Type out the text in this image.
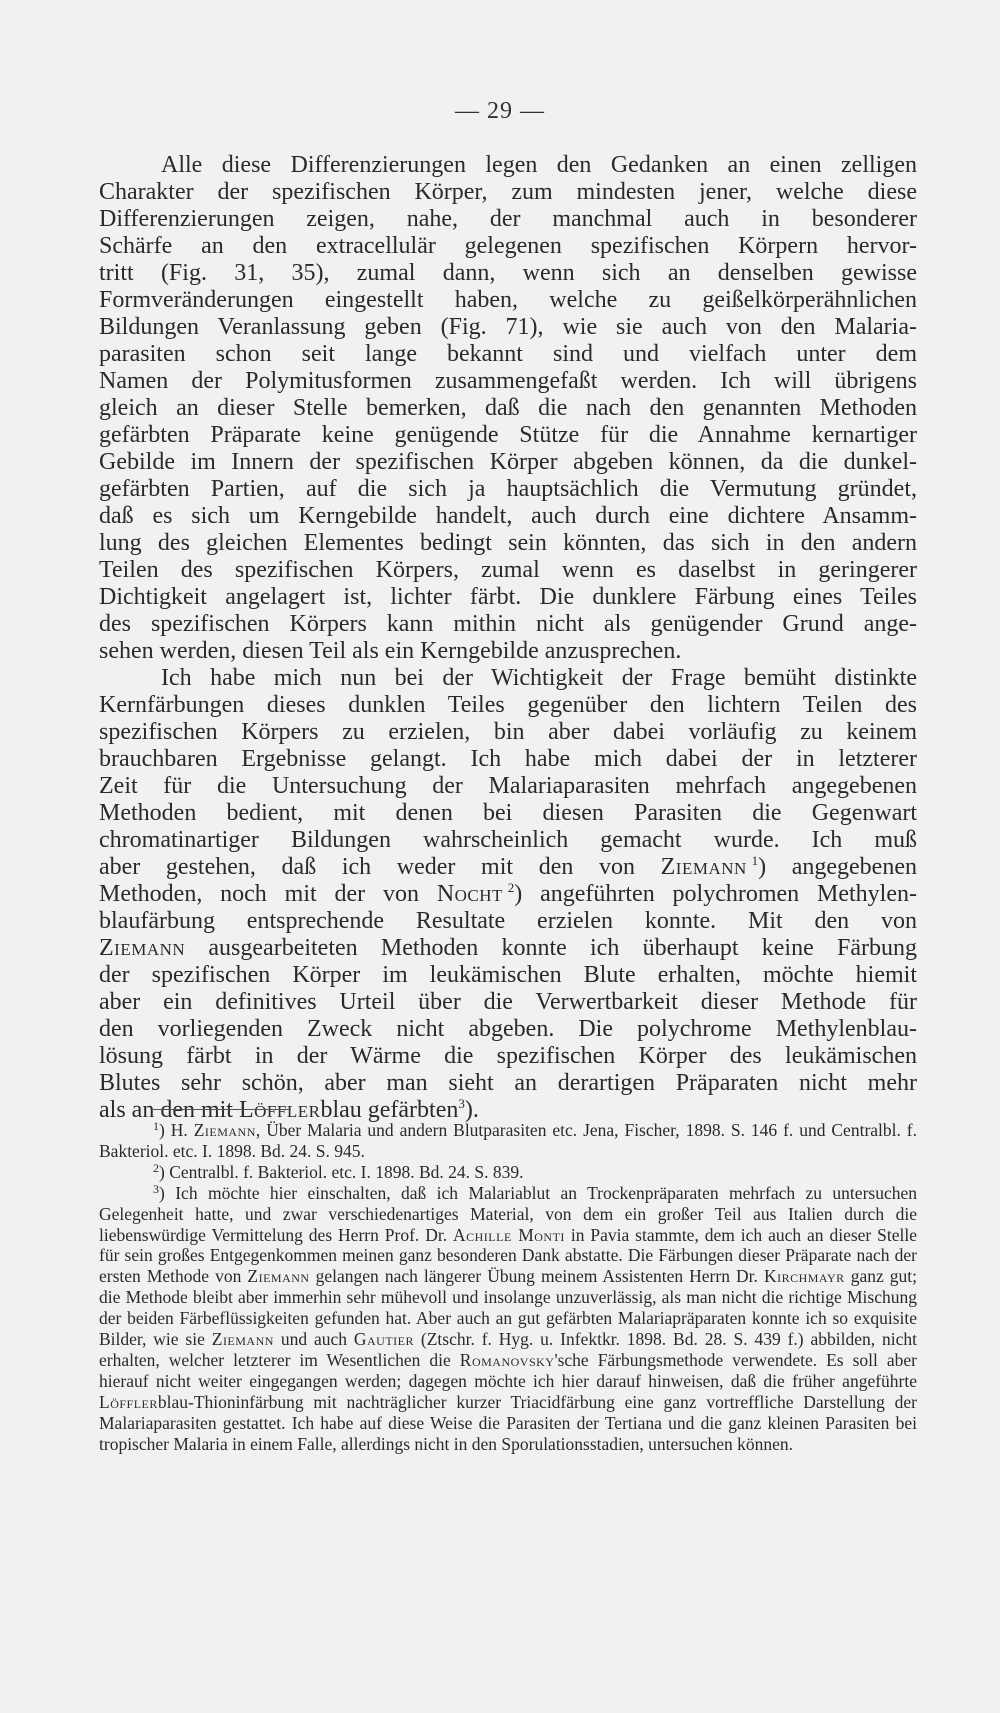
— 29 —
Alle diese Differenzierungen legen den Gedanken an einen zelligen
Charakter der spezifischen Körper, zum mindesten jener, welche diese
Differenzierungen zeigen, nahe, der manchmal auch in besonderer
Schärfe an den extracellulär gelegenen spezifischen Körpern hervor-
tritt (Fig. 31, 35), zumal dann, wenn sich an denselben gewisse
Formveränderungen eingestellt haben, welche zu geißelkörperähnlichen
Bildungen Veranlassung geben (Fig. 71), wie sie auch von den Malaria-
parasiten schon seit lange bekannt sind und vielfach unter dem
Namen der Polymitusformen zusammengefaßt werden. Ich will übrigens
gleich an dieser Stelle bemerken, daß die nach den genannten Methoden
gefärbten Präparate keine genügende Stütze für die Annahme kernartiger
Gebilde im Innern der spezifischen Körper abgeben können, da die dunkel-
gefärbten Partien, auf die sich ja hauptsächlich die Vermutung gründet,
daß es sich um Kerngebilde handelt, auch durch eine dichtere Ansamm-
lung des gleichen Elementes bedingt sein könnten, das sich in den andern
Teilen des spezifischen Körpers, zumal wenn es daselbst in geringerer
Dichtigkeit angelagert ist, lichter färbt. Die dunklere Färbung eines Teiles
des spezifischen Körpers kann mithin nicht als genügender Grund ange-
sehen werden, diesen Teil als ein Kerngebilde anzusprechen.
Ich habe mich nun bei der Wichtigkeit der Frage bemüht distinkte
Kernfärbungen dieses dunklen Teiles gegenüber den lichtern Teilen des
spezifischen Körpers zu erzielen, bin aber dabei vorläufig zu keinem
brauchbaren Ergebnisse gelangt. Ich habe mich dabei der in letzterer
Zeit für die Untersuchung der Malariaparasiten mehrfach angegebenen
Methoden bedient, mit denen bei diesen Parasiten die Gegenwart
chromatinartiger Bildungen wahrscheinlich gemacht wurde. Ich muß
aber gestehen, daß ich weder mit den von Ziemann  $^1$) angegebenen
Methoden, noch mit der von Nocht  $^2$) angeführten polychromen Methylen-
blaufärbung entsprechende Resultate erzielen konnte. Mit den von
Ziemann ausgearbeiteten Methoden konnte ich überhaupt keine Färbung
der spezifischen Körper im leukämischen Blute erhalten, möchte hiemit
aber ein definitives Urteil über die Verwertbarkeit dieser Methode für
den vorliegenden Zweck nicht abgeben. Die polychrome Methylenblau-
lösung färbt in der Wärme die spezifischen Körper des leukämischen
Blutes sehr schön, aber man sieht an derartigen Präparaten nicht mehr
als an den mit Löfflerblau gefärbten$^3$).
$^1$) H. Ziemann, Über Malaria und andern Blutparasiten etc. Jena, Fischer, 1898. S. 146 f. und Centralbl. f. Bakteriol. etc. I. 1898. Bd. 24. S. 945.
$^2$) Centralbl. f. Bakteriol. etc. I. 1898. Bd. 24. S. 839.
$^3$) Ich möchte hier einschalten, daß ich Malariablut an Trockenpräparaten mehrfach zu untersuchen Gelegenheit hatte, und zwar verschiedenartiges Material, von dem ein großer Teil aus Italien durch die liebenswürdige Vermittelung des Herrn Prof. Dr. Achille Monti in Pavia stammte, dem ich auch an dieser Stelle für sein großes Entgegenkommen meinen ganz besonderen Dank abstatte. Die Färbungen dieser Präparate nach der ersten Methode von Ziemann gelangen nach längerer Übung meinem Assistenten Herrn Dr. Kirchmayr ganz gut; die Methode bleibt aber immerhin sehr mühevoll und insolange unzuverlässig, als man nicht die richtige Mischung der beiden Färbeflüssigkeiten gefunden hat. Aber auch an gut gefärbten Malariapräparaten konnte ich so exquisite Bilder, wie sie Ziemann und auch Gautier (Ztschr. f. Hyg. u. Infektkr. 1898. Bd. 28. S. 439 f.) abbilden, nicht erhalten, welcher letzterer im Wesentlichen die Romanovsky'sche Färbungsmethode verwendete. Es soll aber hierauf nicht weiter eingegangen werden; dagegen möchte ich hier darauf hinweisen, daß die früher angeführte Löfflerblau-Thioninfärbung mit nachträglicher kurzer Triacidfärbung eine ganz vortreffliche Darstellung der Malariaparasiten gestattet. Ich habe auf diese Weise die Parasiten der Tertiana und die ganz kleinen Parasiten bei tropischer Malaria in einem Falle, allerdings nicht in den Sporulationsstadien, untersuchen können.
